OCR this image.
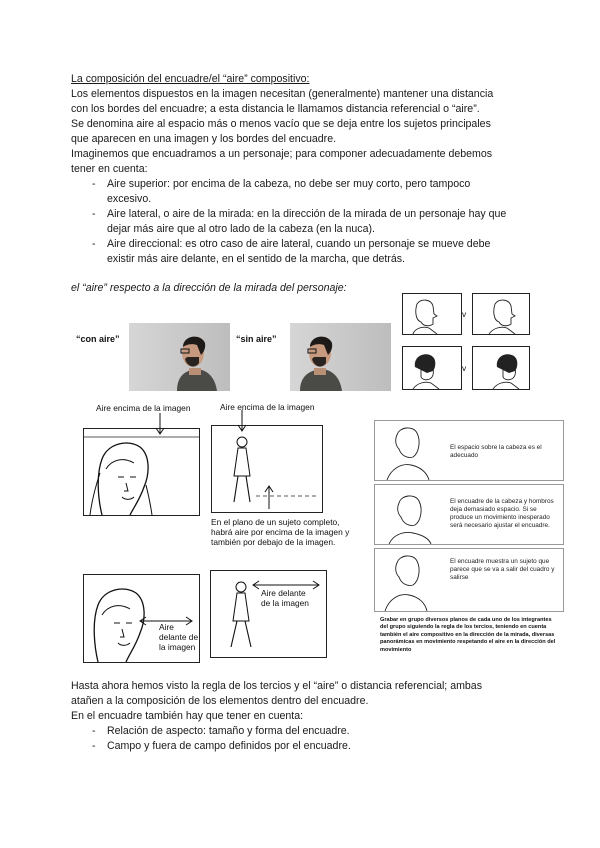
La composición del encuadre/el “aire” compositivo:
Los elementos dispuestos en la imagen necesitan (generalmente) mantener una distancia
con los bordes del encuadre; a esta distancia le llamamos distancia referencial o “aire”.
Se denomina aire al espacio más o menos vacío que se deja entre los sujetos principales
que aparecen en una imagen y los bordes del encuadre.
Imaginemos que encuadramos a un personaje; para componer adecuadamente debemos
tener en cuenta:
- Aire superior: por encima de la cabeza, no debe ser muy corto, pero tampoco
excesivo.
- Aire lateral, o aire de la mirada: en la dirección de la mirada de un personaje hay que
dejar más aire que al otro lado de la cabeza (en la nuca).
- Aire direccional: es otro caso de aire lateral, cuando un personaje se mueve debe
existir más aire delante, en el sentido de la marcha, que detrás.
el “aire” respecto a la dirección de la mirada del personaje:
“con aire”	“sin aire”
v
v
Aire encima de la imagen	Aire encima de la imagen
En el plano de un sujeto completo,
habrá aire por encima de la imagen y
también por debajo de la imagen.
Aire
delante de
la imagen
Aire delante
de la imagen
El espacio sobre la cabeza es el adecuado
El encuadre de la cabeza y hombros deja demasiado espacio. Si se produce un movimiento inesperado será necesario ajustar el encuadre.
El encuadre muestra un sujeto que parece que se va a salir del cuadro y salirse
Grabar en grupo diversos planos de cada uno de los integrantes del grupo siguiendo la regla de los tercios, teniendo en cuenta también el aire compositivo en la dirección de la mirada, diversas panorámicas en movimiento respetando el aire en la dirección del movimiento
Hasta ahora hemos visto la regla de los tercios y el “aire” o distancia referencial; ambas
atañen a la composición de los elementos dentro del encuadre.
En el encuadre también hay que tener en cuenta:
- Relación de aspecto: tamaño y forma del encuadre.
- Campo y fuera de campo definidos por el encuadre.
